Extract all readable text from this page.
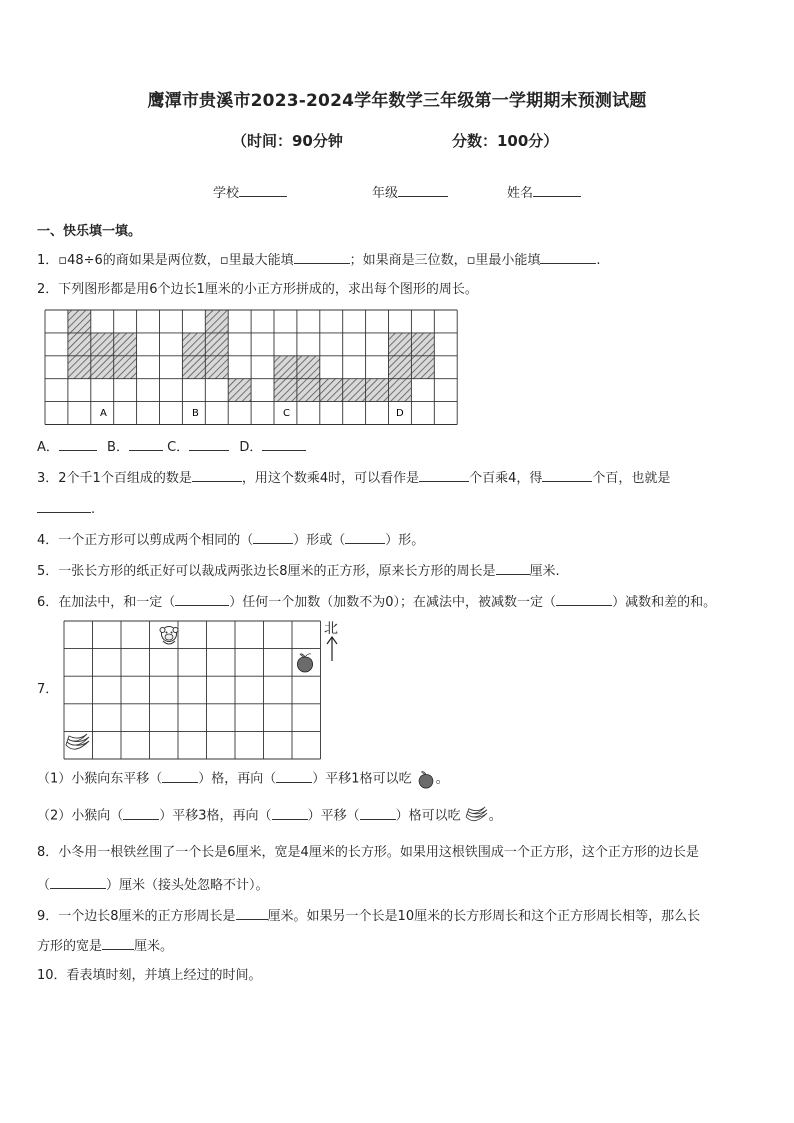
鹰潭市贵溪市2023-2024学年数学三年级第一学期期末预测试题
（时间：90分钟	分数：100分）
学校	年级	姓名
一、快乐填一填。
1．▫48÷6的商如果是两位数，▫里最大能填	；如果商是三位数，▫里最小能填	.
2．下列图形都是用6个边长1厘米的小正方形拼成的，求出每个图形的周长。
A	B	C	D
A．	B．	C．	D．
3．2个千1个百组成的数是	，用这个数乘4时，可以看作是	个百乘4，得	个百，也就是
.
4．一个正方形可以剪成两个相同的（	）形或（	）形。
5．一张长方形的纸正好可以裁成两张边长8厘米的正方形，原来长方形的周长是	厘米.
6．在加法中，和一定（	）任何一个加数（加数不为0）；在减法中，被减数一定（	）减数和差的和。
7．
北
（1）小猴向东平移（	）格，再向（	）平移1格可以吃 。
（2）小猴向（	）平移3格，再向（	）平移（	）格可以吃 。
8．小冬用一根铁丝围了一个长是6厘米，宽是4厘米的长方形。如果用这根铁围成一个正方形，这个正方形的边长是
（	）厘米（接头处忽略不计）。
9．一个边长8厘米的正方形周长是 厘米。如果另一个长是10厘米的长方形周长和这个正方形周长相等，那么长
方形的宽是 厘米。
10．看表填时刻，并填上经过的时间。
